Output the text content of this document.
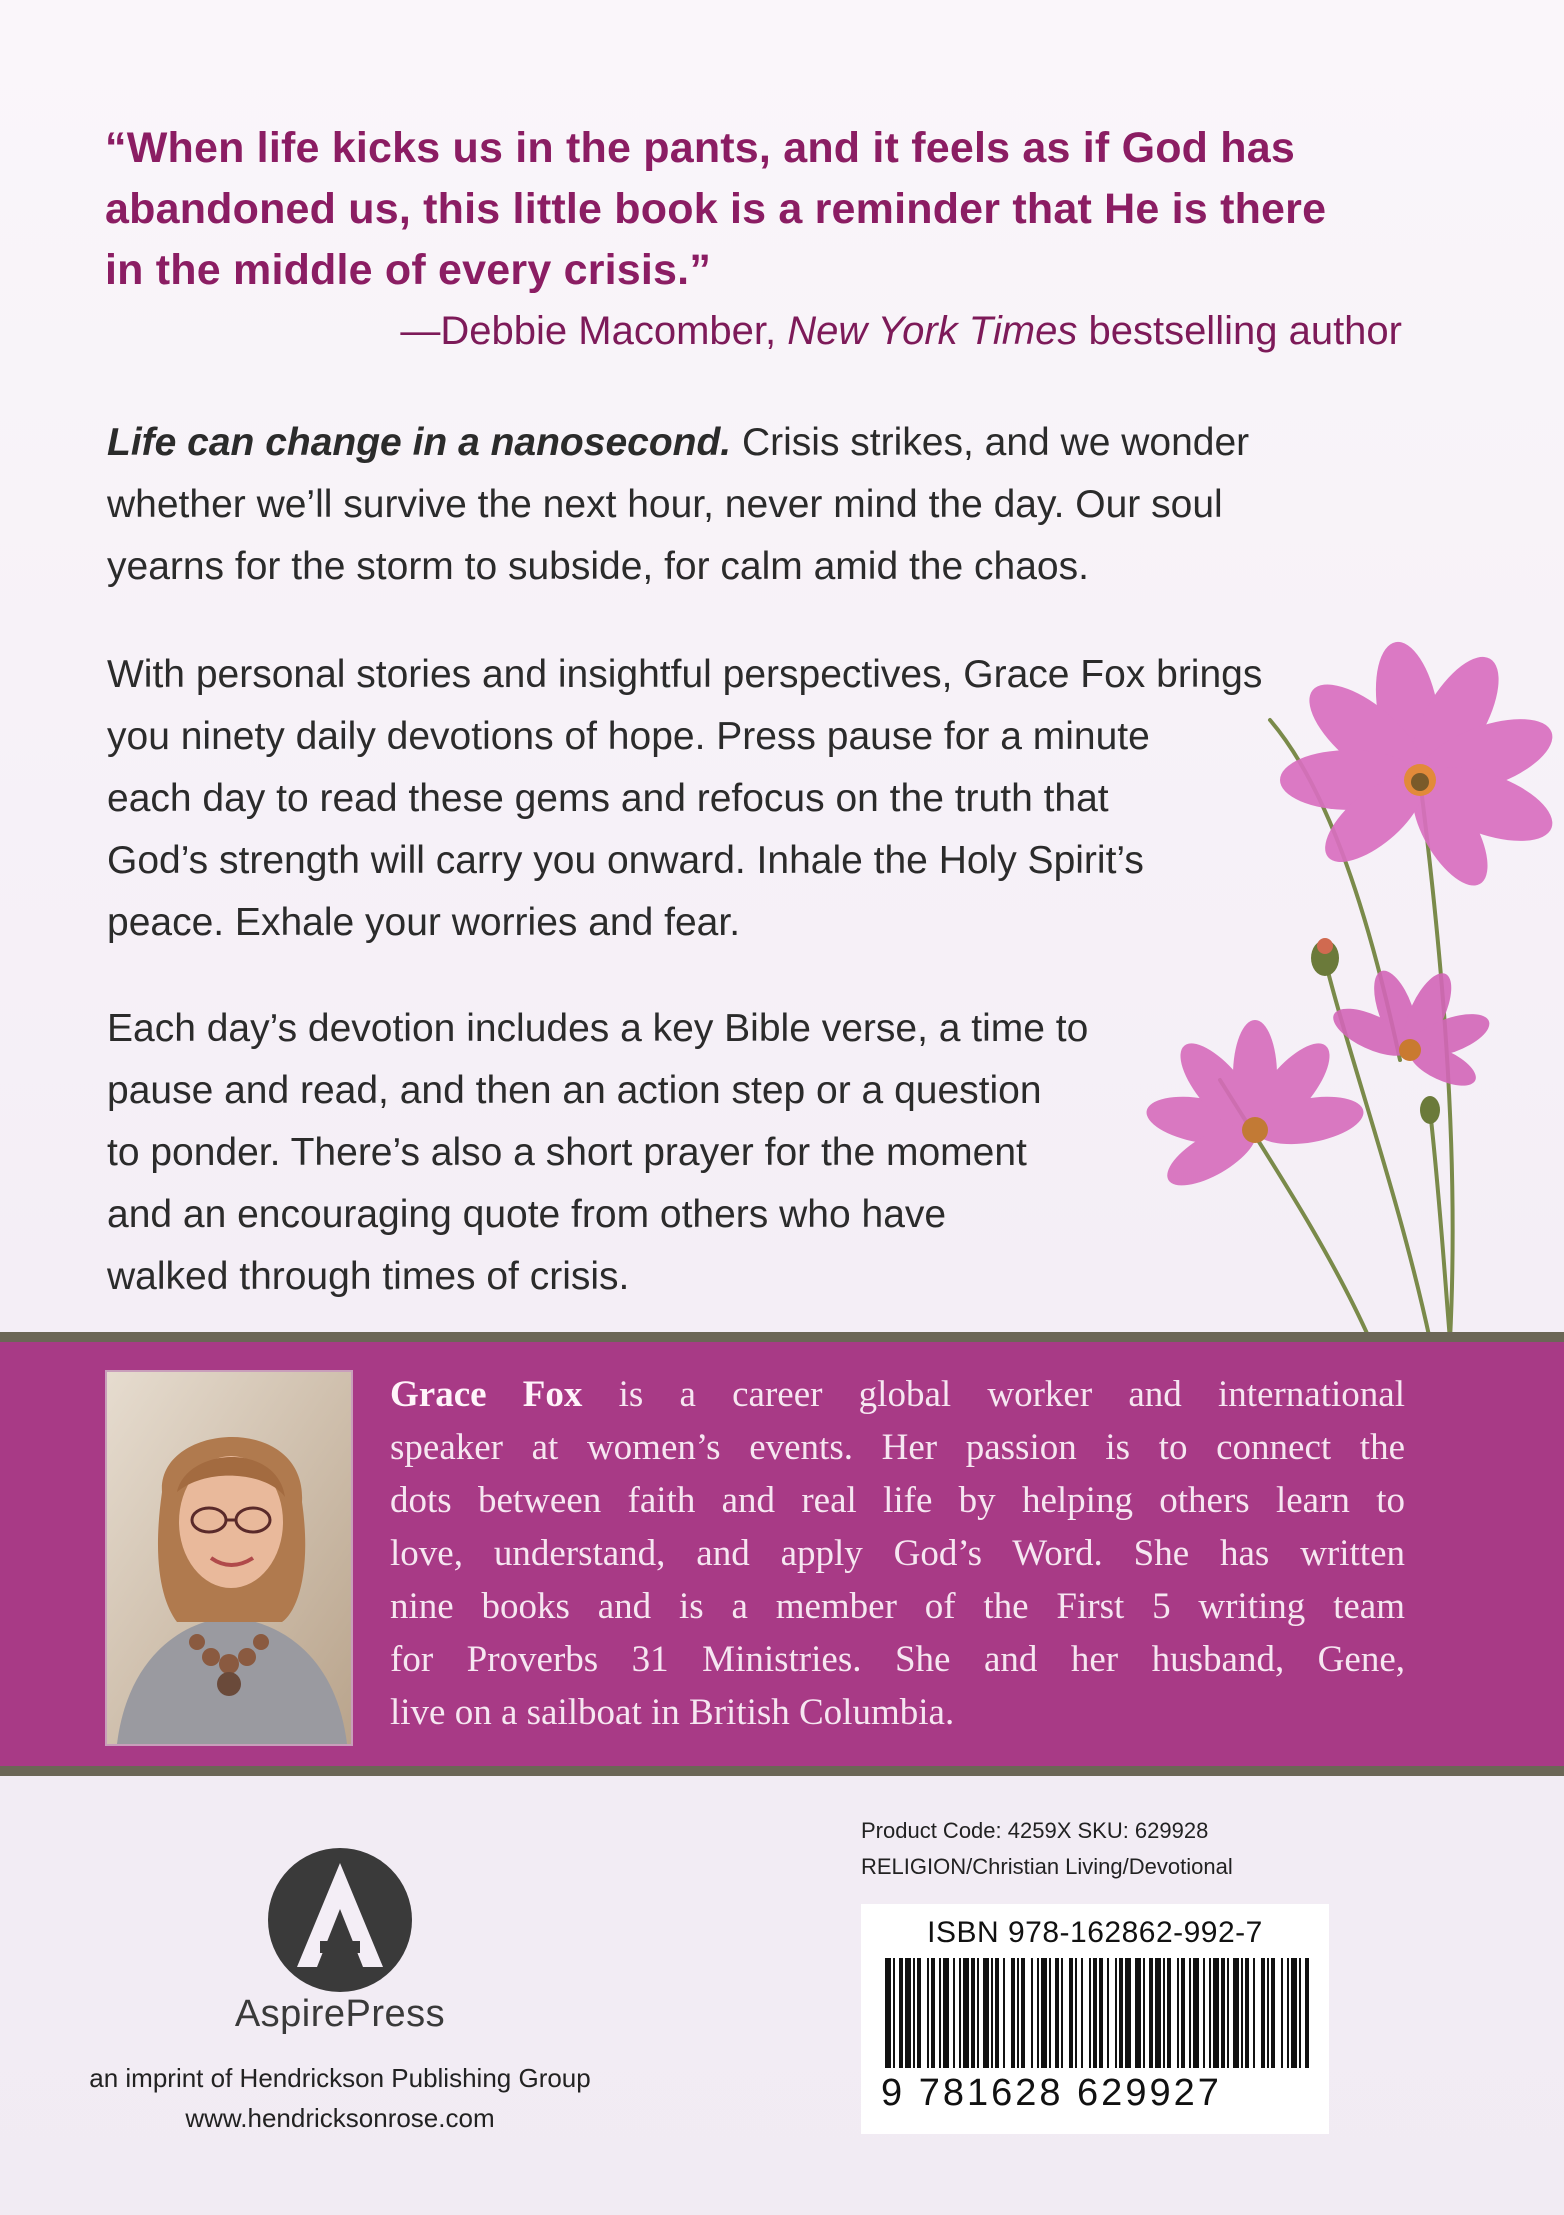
“When life kicks us in the pants, and it feels as if God has
abandoned us, this little book is a reminder that He is there
in the middle of every crisis.”
—Debbie Macomber, New York Times bestselling author
Life can change in a nanosecond. Crisis strikes, and we wonder
whether we’ll survive the next hour, never mind the day. Our soul
yearns for the storm to subside, for calm amid the chaos.
With personal stories and insightful perspectives, Grace Fox brings
you ninety daily devotions of hope. Press pause for a minute
each day to read these gems and refocus on the truth that
God’s strength will carry you onward. Inhale the Holy Spirit’s
peace. Exhale your worries and fear.
Each day’s devotion includes a key Bible verse, a time to
pause and read, and then an action step or a question
to ponder. There’s also a short prayer for the moment
and an encouraging quote from others who have
walked through times of crisis.
Grace Fox is a career global worker and international
speaker at women’s events. Her passion is to connect the
dots between faith and real life by helping others learn to
love, understand, and apply God’s Word. She has written
nine books and is a member of the First 5 writing team
for Proverbs 31 Ministries. She and her husband, Gene,
live on a sailboat in British Columbia.
AspirePress
an imprint of Hendrickson Publishing Group
www.hendricksonrose.com
Product Code: 4259X SKU: 629928
RELIGION/Christian Living/Devotional
ISBN 978-162862-992-7
9 781628 629927
